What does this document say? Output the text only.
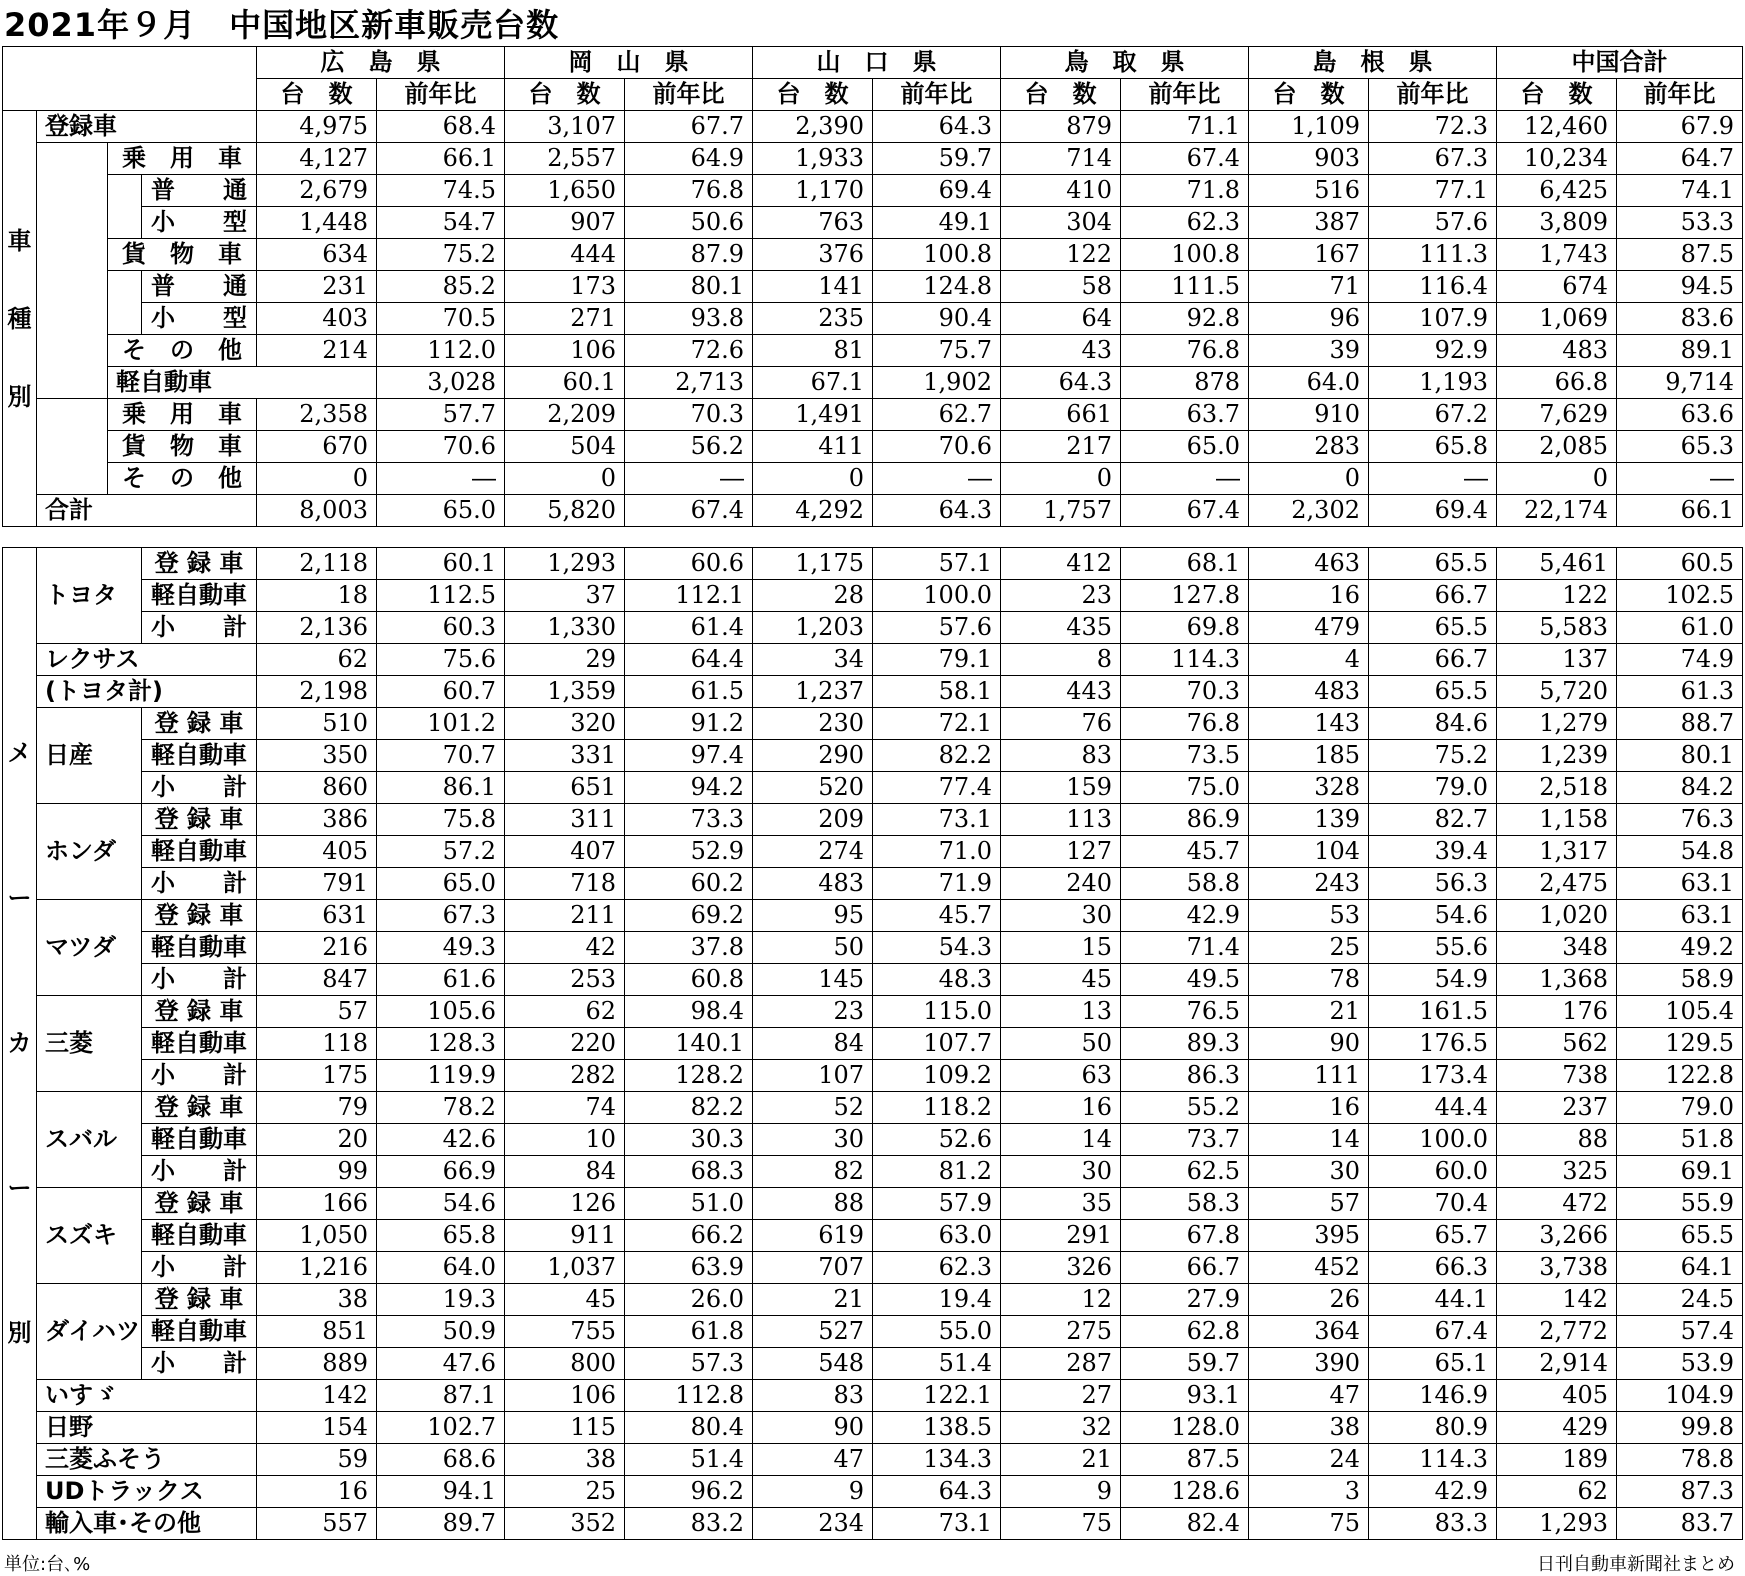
2021年９月　中国地区新車販売台数
				広　島　県		岡　山　県		山　口　県		鳥　取　県		島　根　県		中国合計		
				台　数	前年比	台　数	前年比	台　数	前年比	台　数	前年比	台　数	前年比	台　数	前年比	

車
種
別	登録車			4,975	68.4	3,107	67.7	2,390	64.3	879	71.1	1,109	72.3	12,460	67.9	
		乗　用　車		4,127	66.1	2,557	64.9	1,933	59.7	714	67.4	903	67.3	10,234	64.7	
			普　　通	2,679	74.5	1,650	76.8	1,170	69.4	410	71.8	516	77.1	6,425	74.1	
			小　　型	1,448	54.7	907	50.6	763	49.1	304	62.3	387	57.6	3,809	53.3	
		貨　物　車		634	75.2	444	87.9	376	100.8	122	100.8	167	111.3	1,743	87.5	
			普　　通	231	85.2	173	80.1	141	124.8	58	111.5	71	116.4	674	94.5	
			小　　型	403	70.5	271	93.8	235	90.4	64	92.8	96	107.9	1,069	83.6	
		そ　の　他		214	112.0	106	72.6	81	75.7	43	76.8	39	92.9	483	89.1	
		軽自動車			3,028	60.1	2,713	67.1	1,902	64.3	878	64.0	1,193	66.8	9,714	
		乗　用　車		2,358	57.7	2,209	70.3	1,491	62.7	661	63.7	910	67.2	7,629	63.6	
		貨　物　車		670	70.6	504	56.2	411	70.6	217	65.0	283	65.8	2,085	65.3	
		そ　の　他		0	―	0	―	0	―	0	―	0	―	0	―	
	合計			8,003	65.0	5,820	67.4	4,292	64.3	1,757	67.4	2,302	69.4	22,174	66.1	
メ
ー
カ
ー
別	トヨタ	登 録 車	2,118	60.1	1,293	60.6	1,175	57.1	412	68.1	463	65.5	5,461	60.5
		軽自動車	18	112.5	37	112.1	28	100.0	23	127.8	16	66.7	122	102.5
		小　　計	2,136	60.3	1,330	61.4	1,203	57.6	435	69.8	479	65.5	5,583	61.0
	レクサス		62	75.6	29	64.4	34	79.1	8	114.3	4	66.7	137	74.9
	(トヨタ計)		2,198	60.7	1,359	61.5	1,237	58.1	443	70.3	483	65.5	5,720	61.3
	日産	登 録 車	510	101.2	320	91.2	230	72.1	76	76.8	143	84.6	1,279	88.7
		軽自動車	350	70.7	331	97.4	290	82.2	83	73.5	185	75.2	1,239	80.1
		小　　計	860	86.1	651	94.2	520	77.4	159	75.0	328	79.0	2,518	84.2
	ホンダ	登 録 車	386	75.8	311	73.3	209	73.1	113	86.9	139	82.7	1,158	76.3
		軽自動車	405	57.2	407	52.9	274	71.0	127	45.7	104	39.4	1,317	54.8
		小　　計	791	65.0	718	60.2	483	71.9	240	58.8	243	56.3	2,475	63.1
	マツダ	登 録 車	631	67.3	211	69.2	95	45.7	30	42.9	53	54.6	1,020	63.1
		軽自動車	216	49.3	42	37.8	50	54.3	15	71.4	25	55.6	348	49.2
		小　　計	847	61.6	253	60.8	145	48.3	45	49.5	78	54.9	1,368	58.9
	三菱	登 録 車	57	105.6	62	98.4	23	115.0	13	76.5	21	161.5	176	105.4
		軽自動車	118	128.3	220	140.1	84	107.7	50	89.3	90	176.5	562	129.5
		小　　計	175	119.9	282	128.2	107	109.2	63	86.3	111	173.4	738	122.8
	スバル	登 録 車	79	78.2	74	82.2	52	118.2	16	55.2	16	44.4	237	79.0
		軽自動車	20	42.6	10	30.3	30	52.6	14	73.7	14	100.0	88	51.8
		小　　計	99	66.9	84	68.3	82	81.2	30	62.5	30	60.0	325	69.1
	スズキ	登 録 車	166	54.6	126	51.0	88	57.9	35	58.3	57	70.4	472	55.9
		軽自動車	1,050	65.8	911	66.2	619	63.0	291	67.8	395	65.7	3,266	65.5
		小　　計	1,216	64.0	1,037	63.9	707	62.3	326	66.7	452	66.3	3,738	64.1
	ダイハツ	登 録 車	38	19.3	45	26.0	21	19.4	12	27.9	26	44.1	142	24.5
		軽自動車	851	50.9	755	61.8	527	55.0	275	62.8	364	67.4	2,772	57.4
		小　　計	889	47.6	800	57.3	548	51.4	287	59.7	390	65.1	2,914	53.9
	いすゞ		142	87.1	106	112.8	83	122.1	27	93.1	47	146.9	405	104.9
	日野		154	102.7	115	80.4	90	138.5	32	128.0	38	80.9	429	99.8
	三菱ふそう		59	68.6	38	51.4	47	134.3	21	87.5	24	114.3	189	78.8
	UDトラックス		16	94.1	25	96.2	9	64.3	9	128.6	3	42.9	62	87.3
	輸入車･その他		557	89.7	352	83.2	234	73.1	75	82.4	75	83.3	1,293	83.7
単位:台､%	日刊自動車新聞社まとめ
